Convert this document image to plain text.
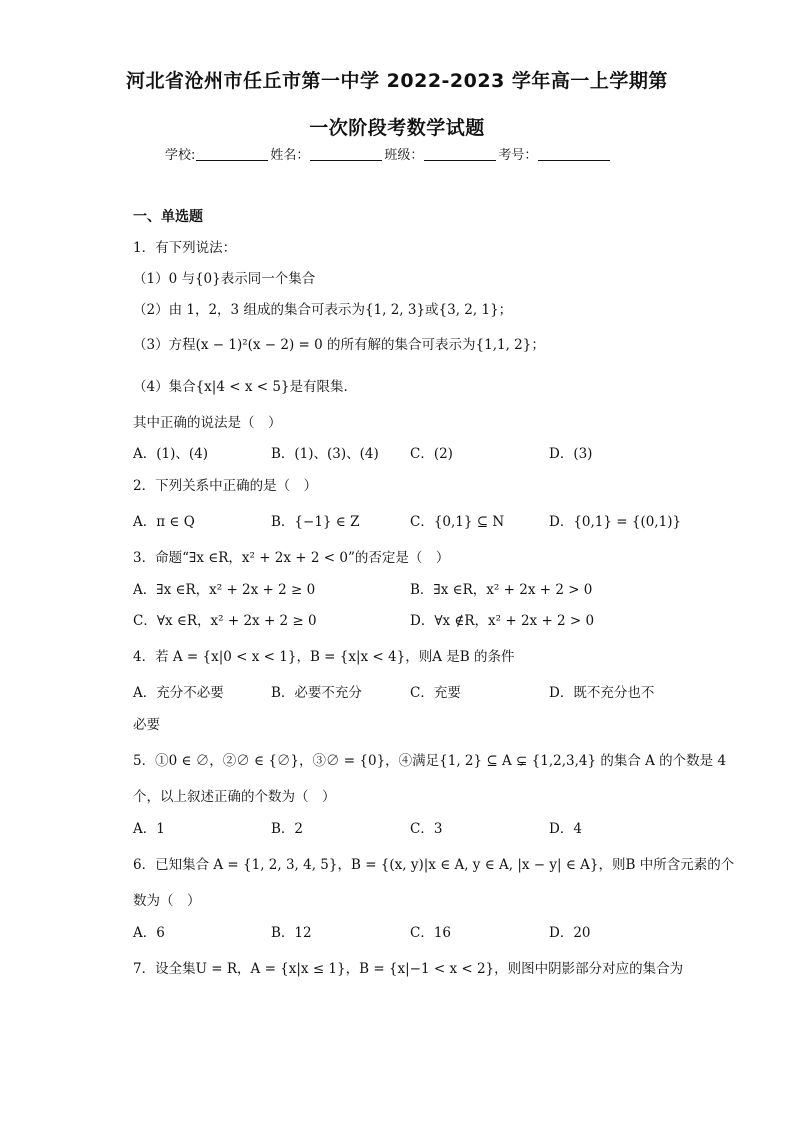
河北省沧州市任丘市第一中学 2022-2023 学年高一上学期第
一次阶段考数学试题
学校:	姓名：	班级：	考号：
一、单选题
1．有下列说法：
（1）0 与{0}表示同一个集合
（2）由 1，2，3 组成的集合可表示为{1, 2, 3}或{3, 2, 1}；
（3）方程(x − 1)²(x − 2) = 0 的所有解的集合可表示为{1,1, 2}；
（4）集合{x|4 < x < 5}是有限集.
其中正确的说法是（　）
A．(1)、(4)	B．(1)、(3)、(4) C．(2)	D．(3)
2．下列关系中正确的是（　）
A．π ∈ Q	B．{−1} ∈ Z	C．{0,1} ⊆ N	D．{0,1} = {(0,1)}
3．命题“∃x ∈R，x² + 2x + 2 < 0”的否定是（　）
A．∃x ∈R，x² + 2x + 2 ≥ 0	B．∃x ∈R，x² + 2x + 2 > 0
C．∀x ∈R，x² + 2x + 2 ≥ 0	D．∀x ∉R，x² + 2x + 2 > 0
4．若 A = {x|0 < x < 1}，B = {x|x < 4}，则A 是B 的条件
A．充分不必要	B．必要不充分	C．充要	D．既不充分也不
必要
5．①0 ∈ ∅，②∅ ∈ {∅}，③∅ = {0}，④满足{1, 2} ⊆ A ⊊ {1,2,3,4} 的集合 A 的个数是 4
个，以上叙述正确的个数为（　）
A．1	B．2	C．3	D．4
6．已知集合 A = {1, 2, 3, 4, 5}，B = {(x, y)|x ∈ A, y ∈ A, |x − y| ∈ A}，则B 中所含元素的个
数为（　）
A．6	B．12	C．16	D．20
7．设全集U = R，A = {x|x ≤ 1}，B = {x|−1 < x < 2}，则图中阴影部分对应的集合为
